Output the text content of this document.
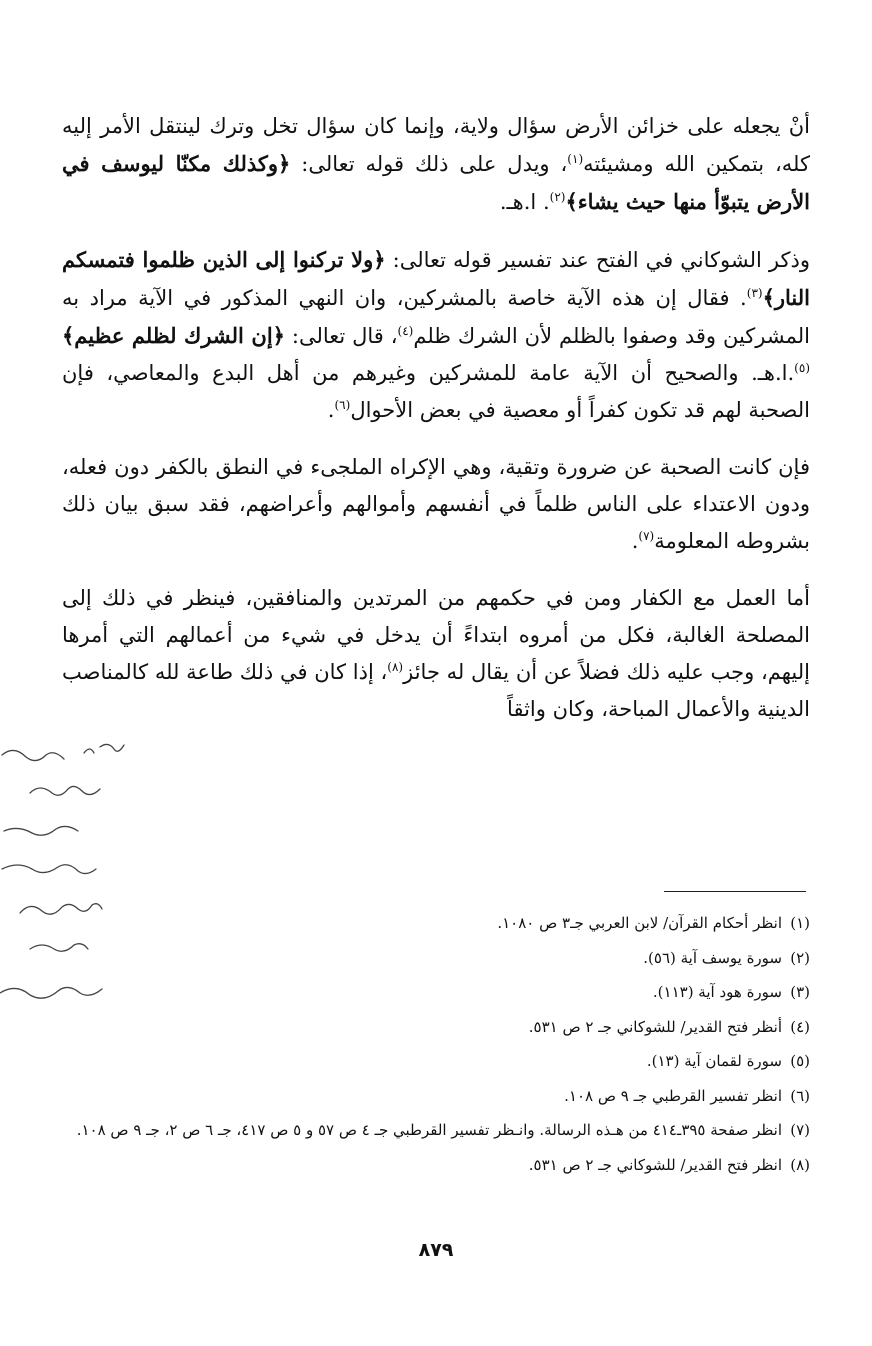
أنْ يجعله على خزائن الأرض سؤال ولاية، وإنما كان سؤال تخل وترك لينتقل الأمر إليه كله، بتمكين الله ومشيئته$^{(١)}$، ويدل على ذلك قوله تعالى: ﴿وكذلك مكنّا ليوسف في الأرض يتبوّأ منها حيث يشاء﴾$^{(٢)}$. ا.هـ.

وذكر الشوكاني في الفتح عند تفسير قوله تعالى: ﴿ولا تركنوا إلى الذين ظلموا فتمسكم النار﴾$^{(٣)}$. فقال إن هذه الآية خاصة بالمشركين، وان النهي المذكور في الآية مراد به المشركين وقد وصفوا بالظلم لأن الشرك ظلم$^{(٤)}$، قال تعالى: ﴿إن الشرك لظلم عظيم﴾$^{(٥)}$.ا.هـ. والصحيح أن الآية عامة للمشركين وغيرهم من أهل البدع والمعاصي، فإن الصحبة لهم قد تكون كفراً أو معصية في بعض الأحوال$^{(٦)}$.

فإن كانت الصحبة عن ضرورة وتقية، وهي الإكراه الملجىء في النطق بالكفر دون فعله، ودون الاعتداء على الناس ظلماً في أنفسهم وأموالهم وأعراضهم، فقد سبق بيان ذلك بشروطه المعلومة$^{(٧)}$.

أما العمل مع الكفار ومن في حكمهم من المرتدين والمنافقين، فينظر في ذلك إلى المصلحة الغالبة، فكل من أمروه ابتداءً أن يدخل في شيء من أعمالهم التي أمرها إليهم، وجب عليه ذلك فضلاً عن أن يقال له جائز$^{(٨)}$، إذا كان في ذلك طاعة لله كالمناصب الدينية والأعمال المباحة، وكان واثقاً

(١)
انظر أحكام القرآن/ لابن العربي جـ٣ ص ١٠٨٠.
(٢)
سورة يوسف آية (٥٦).
(٣)
سورة هود آية (١١٣).
(٤)
أنظر فتح القدير/ للشوكاني جـ ٢ ص ٥٣١.
(٥)
سورة لقمان آية (١٣).
(٦)
انظر تفسير القرطبي جـ ٩ ص ١٠٨.
(٧)
انظر صفحة ٣٩٥ـ٤١٤ من هـذه الرسالة. وانـظر تفسير القرطبي جـ ٤ ص ٥٧ و ٥ ص ٤١٧، جـ ٦ ص ٢، جـ ٩ ص ١٠٨.
(٨)
انظر فتح القدير/ للشوكاني جـ ٢ ص ٥٣١.
٨٧٩
